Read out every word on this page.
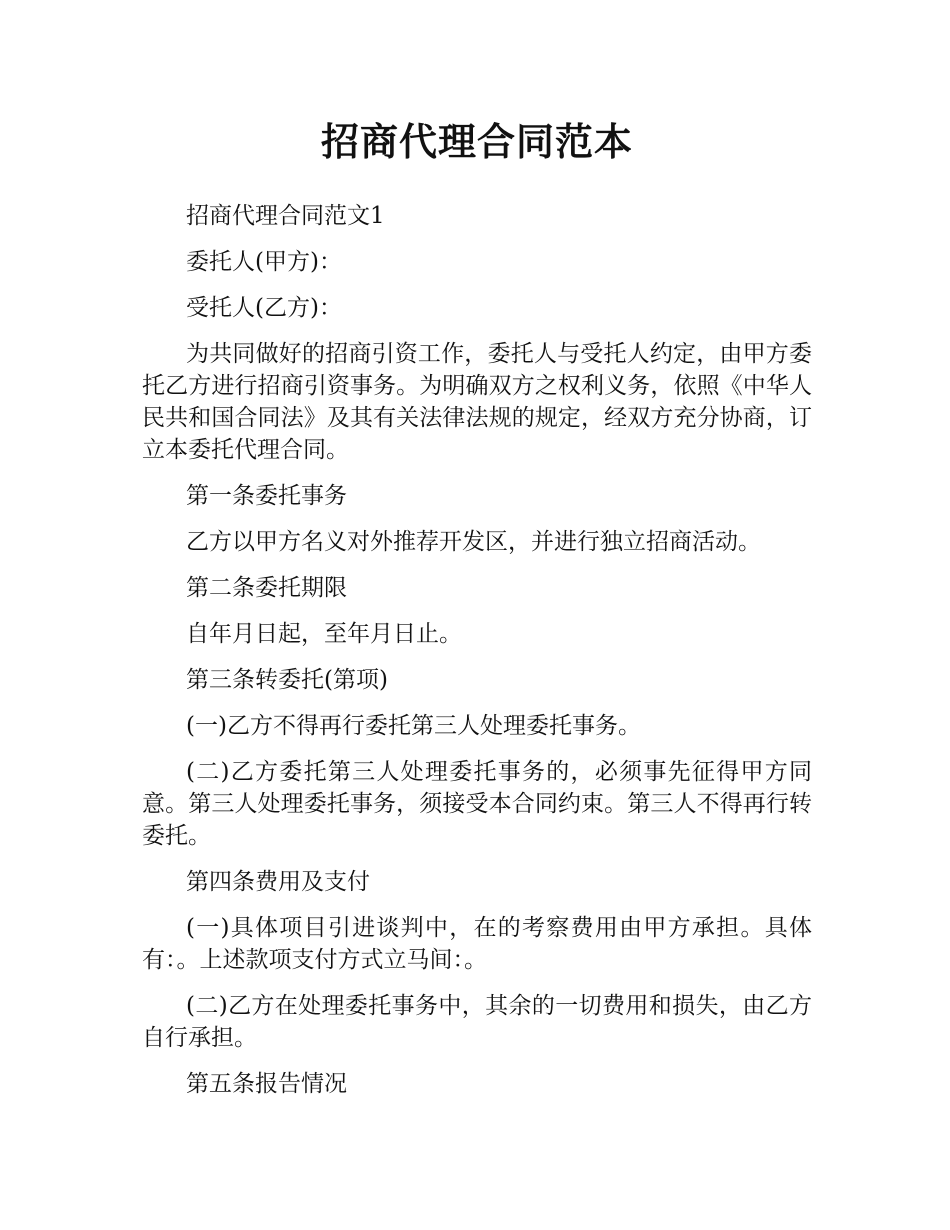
招商代理合同范本

招商代理合同范文1

委托人(甲方)：

受托人(乙方)：

为共同做好的招商引资工作，委托人与受托人约定，由甲方委托乙方进行招商引资事务。为明确双方之权利义务，依照《中华人民共和国合同法》及其有关法律法规的规定，经双方充分协商，订立本委托代理合同。

第一条委托事务

乙方以甲方名义对外推荐开发区，并进行独立招商活动。

第二条委托期限

自年月日起，至年月日止。

第三条转委托(第项)

(一)乙方不得再行委托第三人处理委托事务。

(二)乙方委托第三人处理委托事务的，必须事先征得甲方同意。第三人处理委托事务，须接受本合同约束。第三人不得再行转委托。

第四条费用及支付

(一)具体项目引进谈判中，在的考察费用由甲方承担。具体有：。上述款项支付方式立马间：。

(二)乙方在处理委托事务中，其余的一切费用和损失，由乙方自行承担。

第五条报告情况
